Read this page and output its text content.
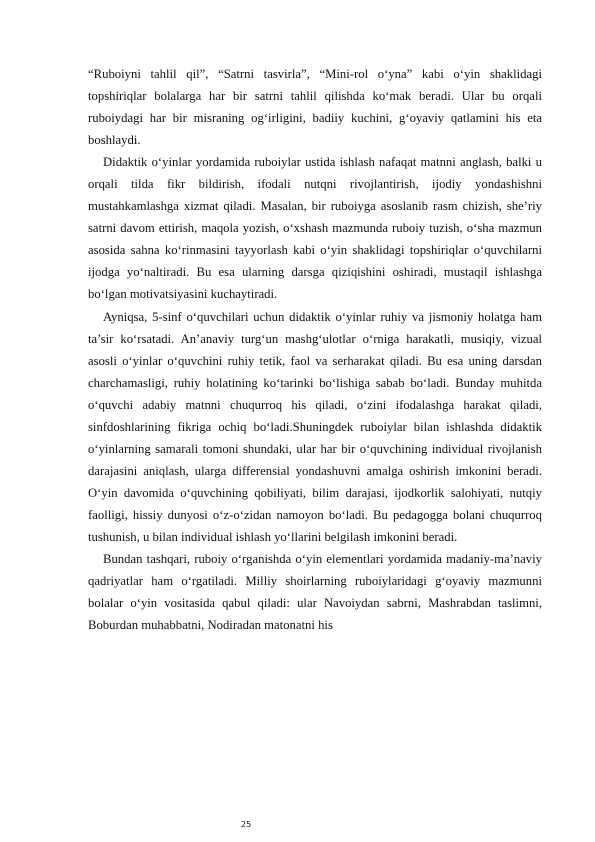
“Ruboiyni tahlil qil”, “Satrni tasvirla”, “Mini-rol o‘yna” kabi o‘yin shaklidagi topshiriqlar bolalarga har bir satrni tahlil qilishda ko‘mak beradi. Ular bu orqali ruboiydagi har bir misraning og‘irligini, badiiy kuchini, g‘oyaviy qatlamini his eta boshlaydi.

Didaktik o‘yinlar yordamida ruboiylar ustida ishlash nafaqat matnni anglash, balki u orqali tilda fikr bildirish, ifodali nutqni rivojlantirish, ijodiy yondashishni mustahkamlashga xizmat qiladi. Masalan, bir ruboiyga asoslanib rasm chizish, she’riy satrni davom ettirish, maqola yozish, o‘xshash mazmunda ruboiy tuzish, o‘sha mazmun asosida sahna ko‘rinmasini tayyorlash kabi o‘yin shaklidagi topshiriqlar o‘quvchilarni ijodga yo‘naltiradi. Bu esa ularning darsga qiziqishini oshiradi, mustaqil ishlashga bo‘lgan motivatsiyasini kuchaytiradi.

Ayniqsa, 5-sinf o‘quvchilari uchun didaktik o‘yinlar ruhiy va jismoniy holatga ham ta’sir ko‘rsatadi. An’anaviy turg‘un mashg‘ulotlar o‘rniga harakatli, musiqiy, vizual asosli o‘yinlar o‘quvchini ruhiy tetik, faol va serharakat qiladi. Bu esa uning darsdan charchamasligi, ruhiy holatining ko‘tarinki bo‘lishiga sabab bo‘ladi. Bunday muhitda o‘quvchi adabiy matnni chuqurroq his qiladi, o‘zini ifodalashga harakat qiladi, sinfdoshlarining fikriga ochiq bo‘ladi.Shuningdek ruboiylar bilan ishlashda didaktik o‘yinlarning samarali tomoni shundaki, ular har bir o‘quvchining individual rivojlanish darajasini aniqlash, ularga differensial yondashuvni amalga oshirish imkonini beradi. O‘yin davomida o‘quvchining qobiliyati, bilim darajasi, ijodkorlik salohiyati, nutqiy faolligi, hissiy dunyosi o‘z-o‘zidan namoyon bo‘ladi. Bu pedagogga bolani chuqurroq tushunish, u bilan individual ishlash yo‘llarini belgilash imkonini beradi.

Bundan tashqari, ruboiy o‘rganishda o‘yin elementlari yordamida madaniy-ma’naviy qadriyatlar ham o‘rgatiladi. Milliy shoirlarning ruboiylaridagi g‘oyaviy mazmunni bolalar o‘yin vositasida qabul qiladi: ular Navoiydan sabrni, Mashrabdan taslimni, Boburdan muhabbatni, Nodiradan matonatni his

25
